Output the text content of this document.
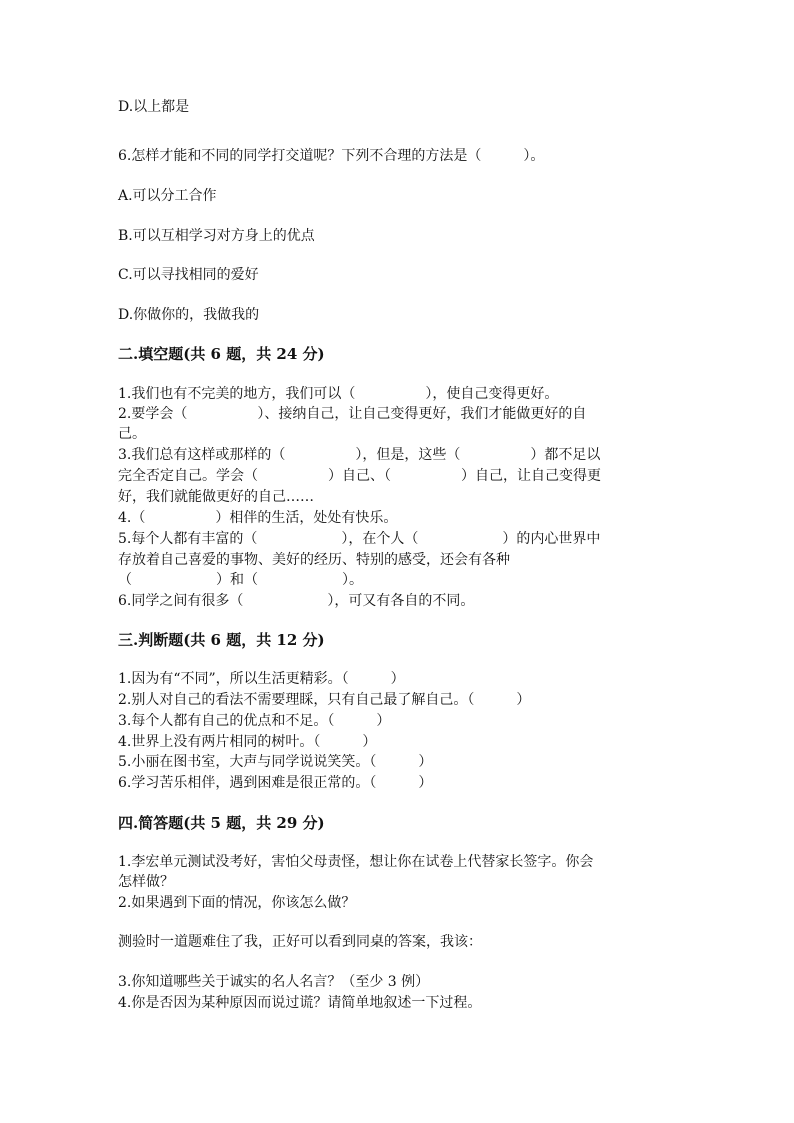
D.以上都是
6.怎样才能和不同的同学打交道呢？下列不合理的方法是（　　　）。
A.可以分工合作
B.可以互相学习对方身上的优点
C.可以寻找相同的爱好
D.你做你的，我做我的
二.填空题(共 6 题，共 24 分)
1.我们也有不完美的地方，我们可以（　　　　　），使自己变得更好。
2.要学会（　　　　　）、接纳自己，让自己变得更好，我们才能做更好的自
己。
3.我们总有这样或那样的（　　　　　），但是，这些（　　　　　）都不足以
完全否定自己。学会（　　　　　）自己、（　　　　　）自己，让自己变得更
好，我们就能做更好的自己……
4.（　　　　　）相伴的生活，处处有快乐。
5.每个人都有丰富的（　　　　　　），在个人（　　　　　　）的内心世界中
存放着自己喜爱的事物、美好的经历、特别的感受，还会有各种
（　　　　　　）和（　　　　　　）。
6.同学之间有很多（　　　　　　），可又有各自的不同。
三.判断题(共 6 题，共 12 分)
1.因为有“不同”，所以生活更精彩。（　　　）
2.别人对自己的看法不需要理睬，只有自己最了解自己。（　　　）
3.每个人都有自己的优点和不足。（　　　）
4.世界上没有两片相同的树叶。（　　　）
5.小丽在图书室，大声与同学说说笑笑。（　　　）
6.学习苦乐相伴，遇到困难是很正常的。（　　　）
四.简答题(共 5 题，共 29 分)
1.李宏单元测试没考好，害怕父母责怪，想让你在试卷上代替家长签字。你会
怎样做？
2.如果遇到下面的情况，你该怎么做？
测验时一道题难住了我，正好可以看到同桌的答案，我该：
3.你知道哪些关于诚实的名人名言？（至少 3 例）
4.你是否因为某种原因而说过谎？请简单地叙述一下过程。
